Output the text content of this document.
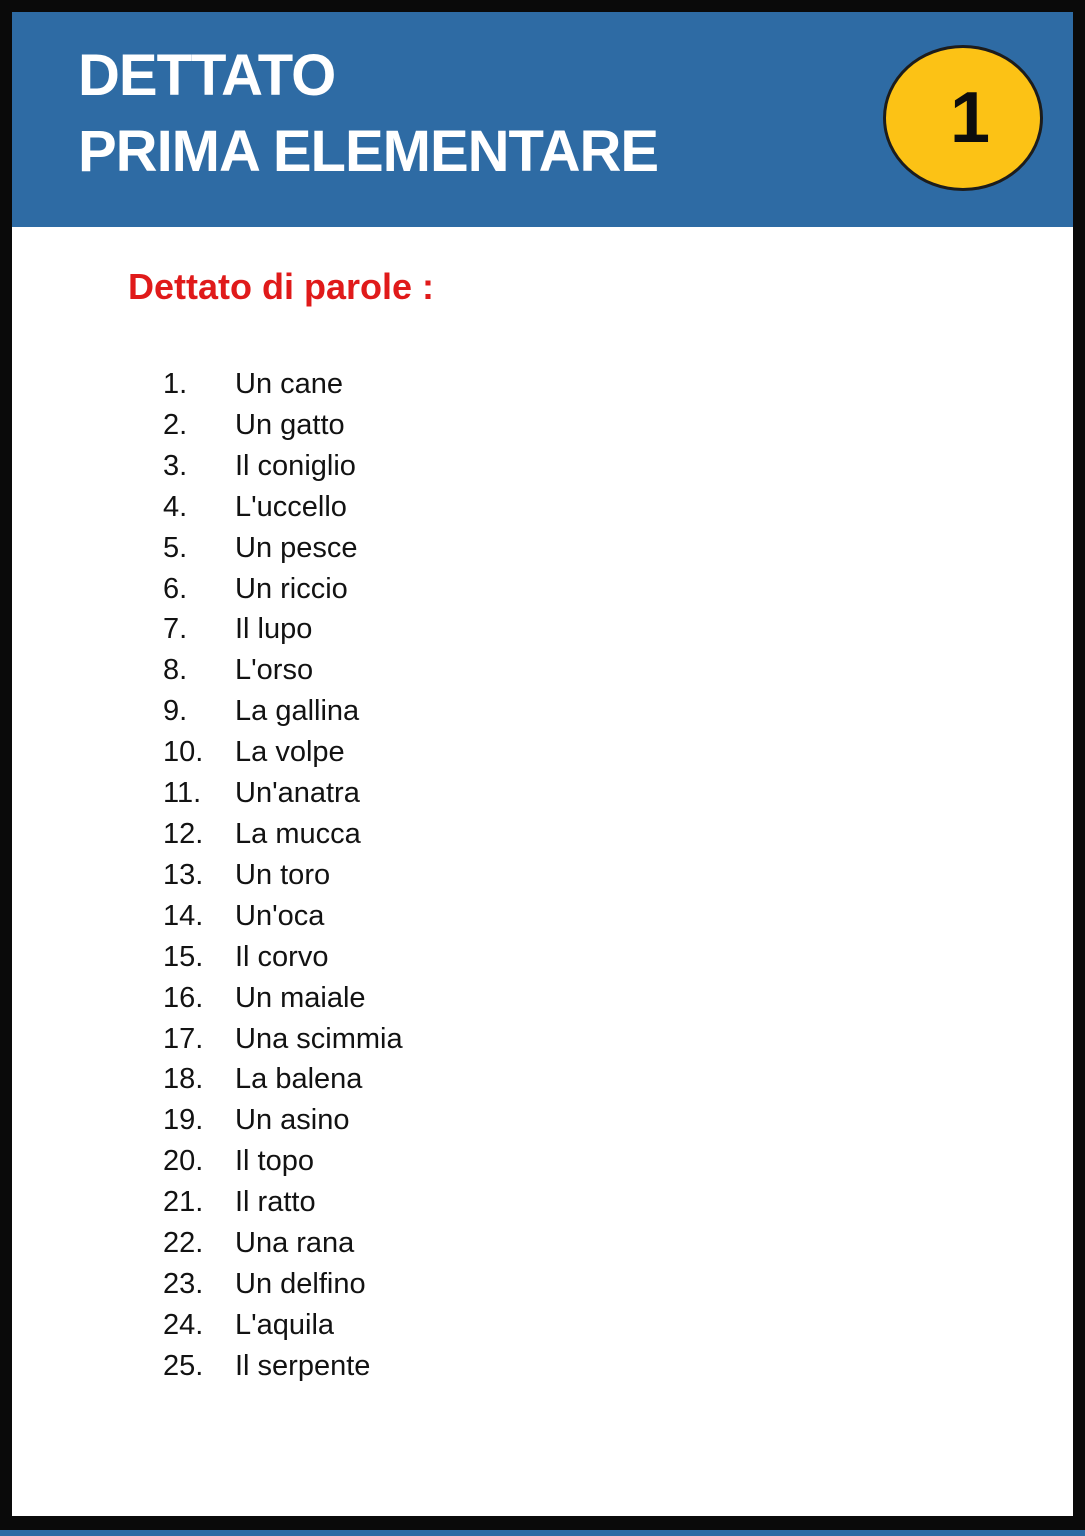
DETTATO
PRIMA ELEMENTARE	1
Dettato di parole :
1. Un cane
2. Un gatto
3. Il coniglio
4. L'uccello
5. Un pesce
6. Un riccio
7. Il lupo
8. L'orso
9. La gallina
10. La volpe
11. Un'anatra
12. La mucca
13. Un toro
14. Un'oca
15. Il corvo
16. Un maiale
17. Una scimmia
18. La balena
19. Un asino
20. Il topo
21. Il ratto
22. Una rana
23. Un delfino
24. L'aquila
25. Il serpente
